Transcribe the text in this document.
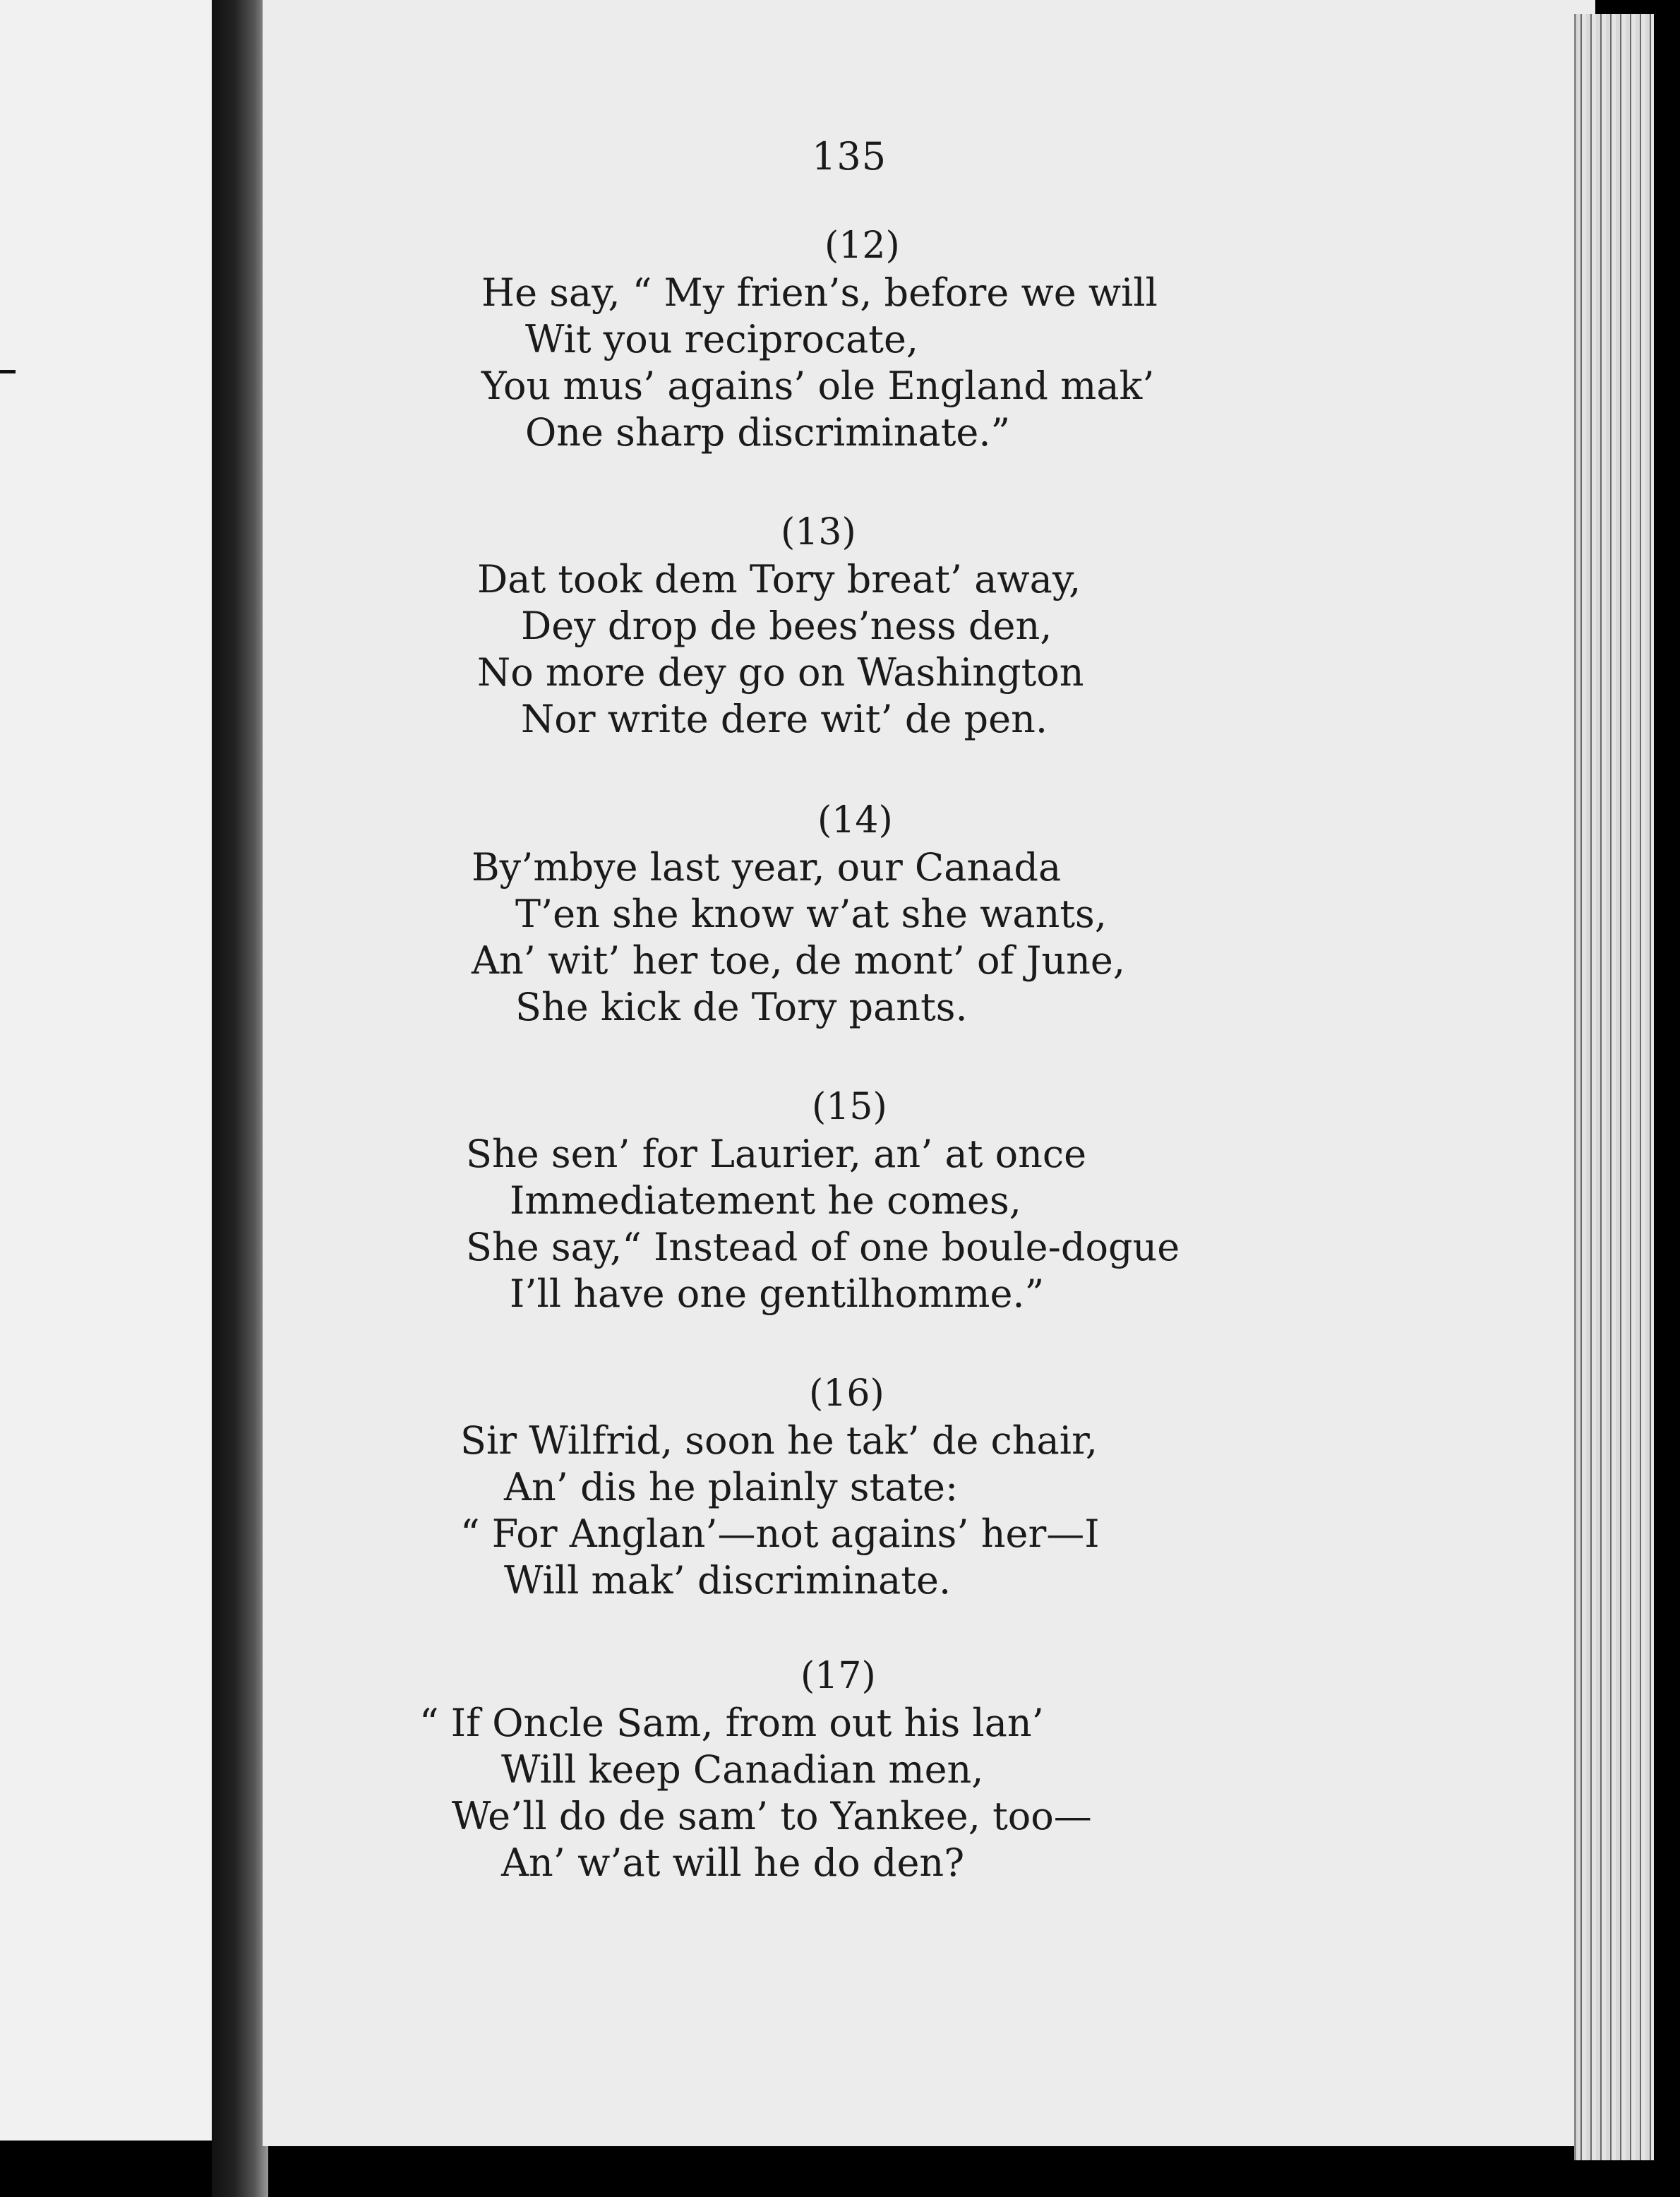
135
(12)
He say, “ My frien’s, before we will
Wit you reciprocate,
You mus’ agains’ ole England mak’
One sharp discriminate.”
(13)
Dat took dem Tory breat’ away,
Dey drop de bees’ness den,
No more dey go on Washington
Nor write dere wit’ de pen.
(14)
By’mbye last year, our Canada
T’en she know w’at she wants,
An’ wit’ her toe, de mont’ of June,
She kick de Tory pants.
(15)
She sen’ for Laurier, an’ at once
Immediatement he comes,
She say,“ Instead of one boule-dogue
I’ll have one gentilhomme.”
(16)
Sir Wilfrid, soon he tak’ de chair,
An’ dis he plainly state:
“ For Anglan’—not agains’ her—I
Will mak’ discriminate.
(17)
“ If Oncle Sam, from out his lan’
Will keep Canadian men,
We’ll do de sam’ to Yankee, too—
An’ w’at will he do den?
